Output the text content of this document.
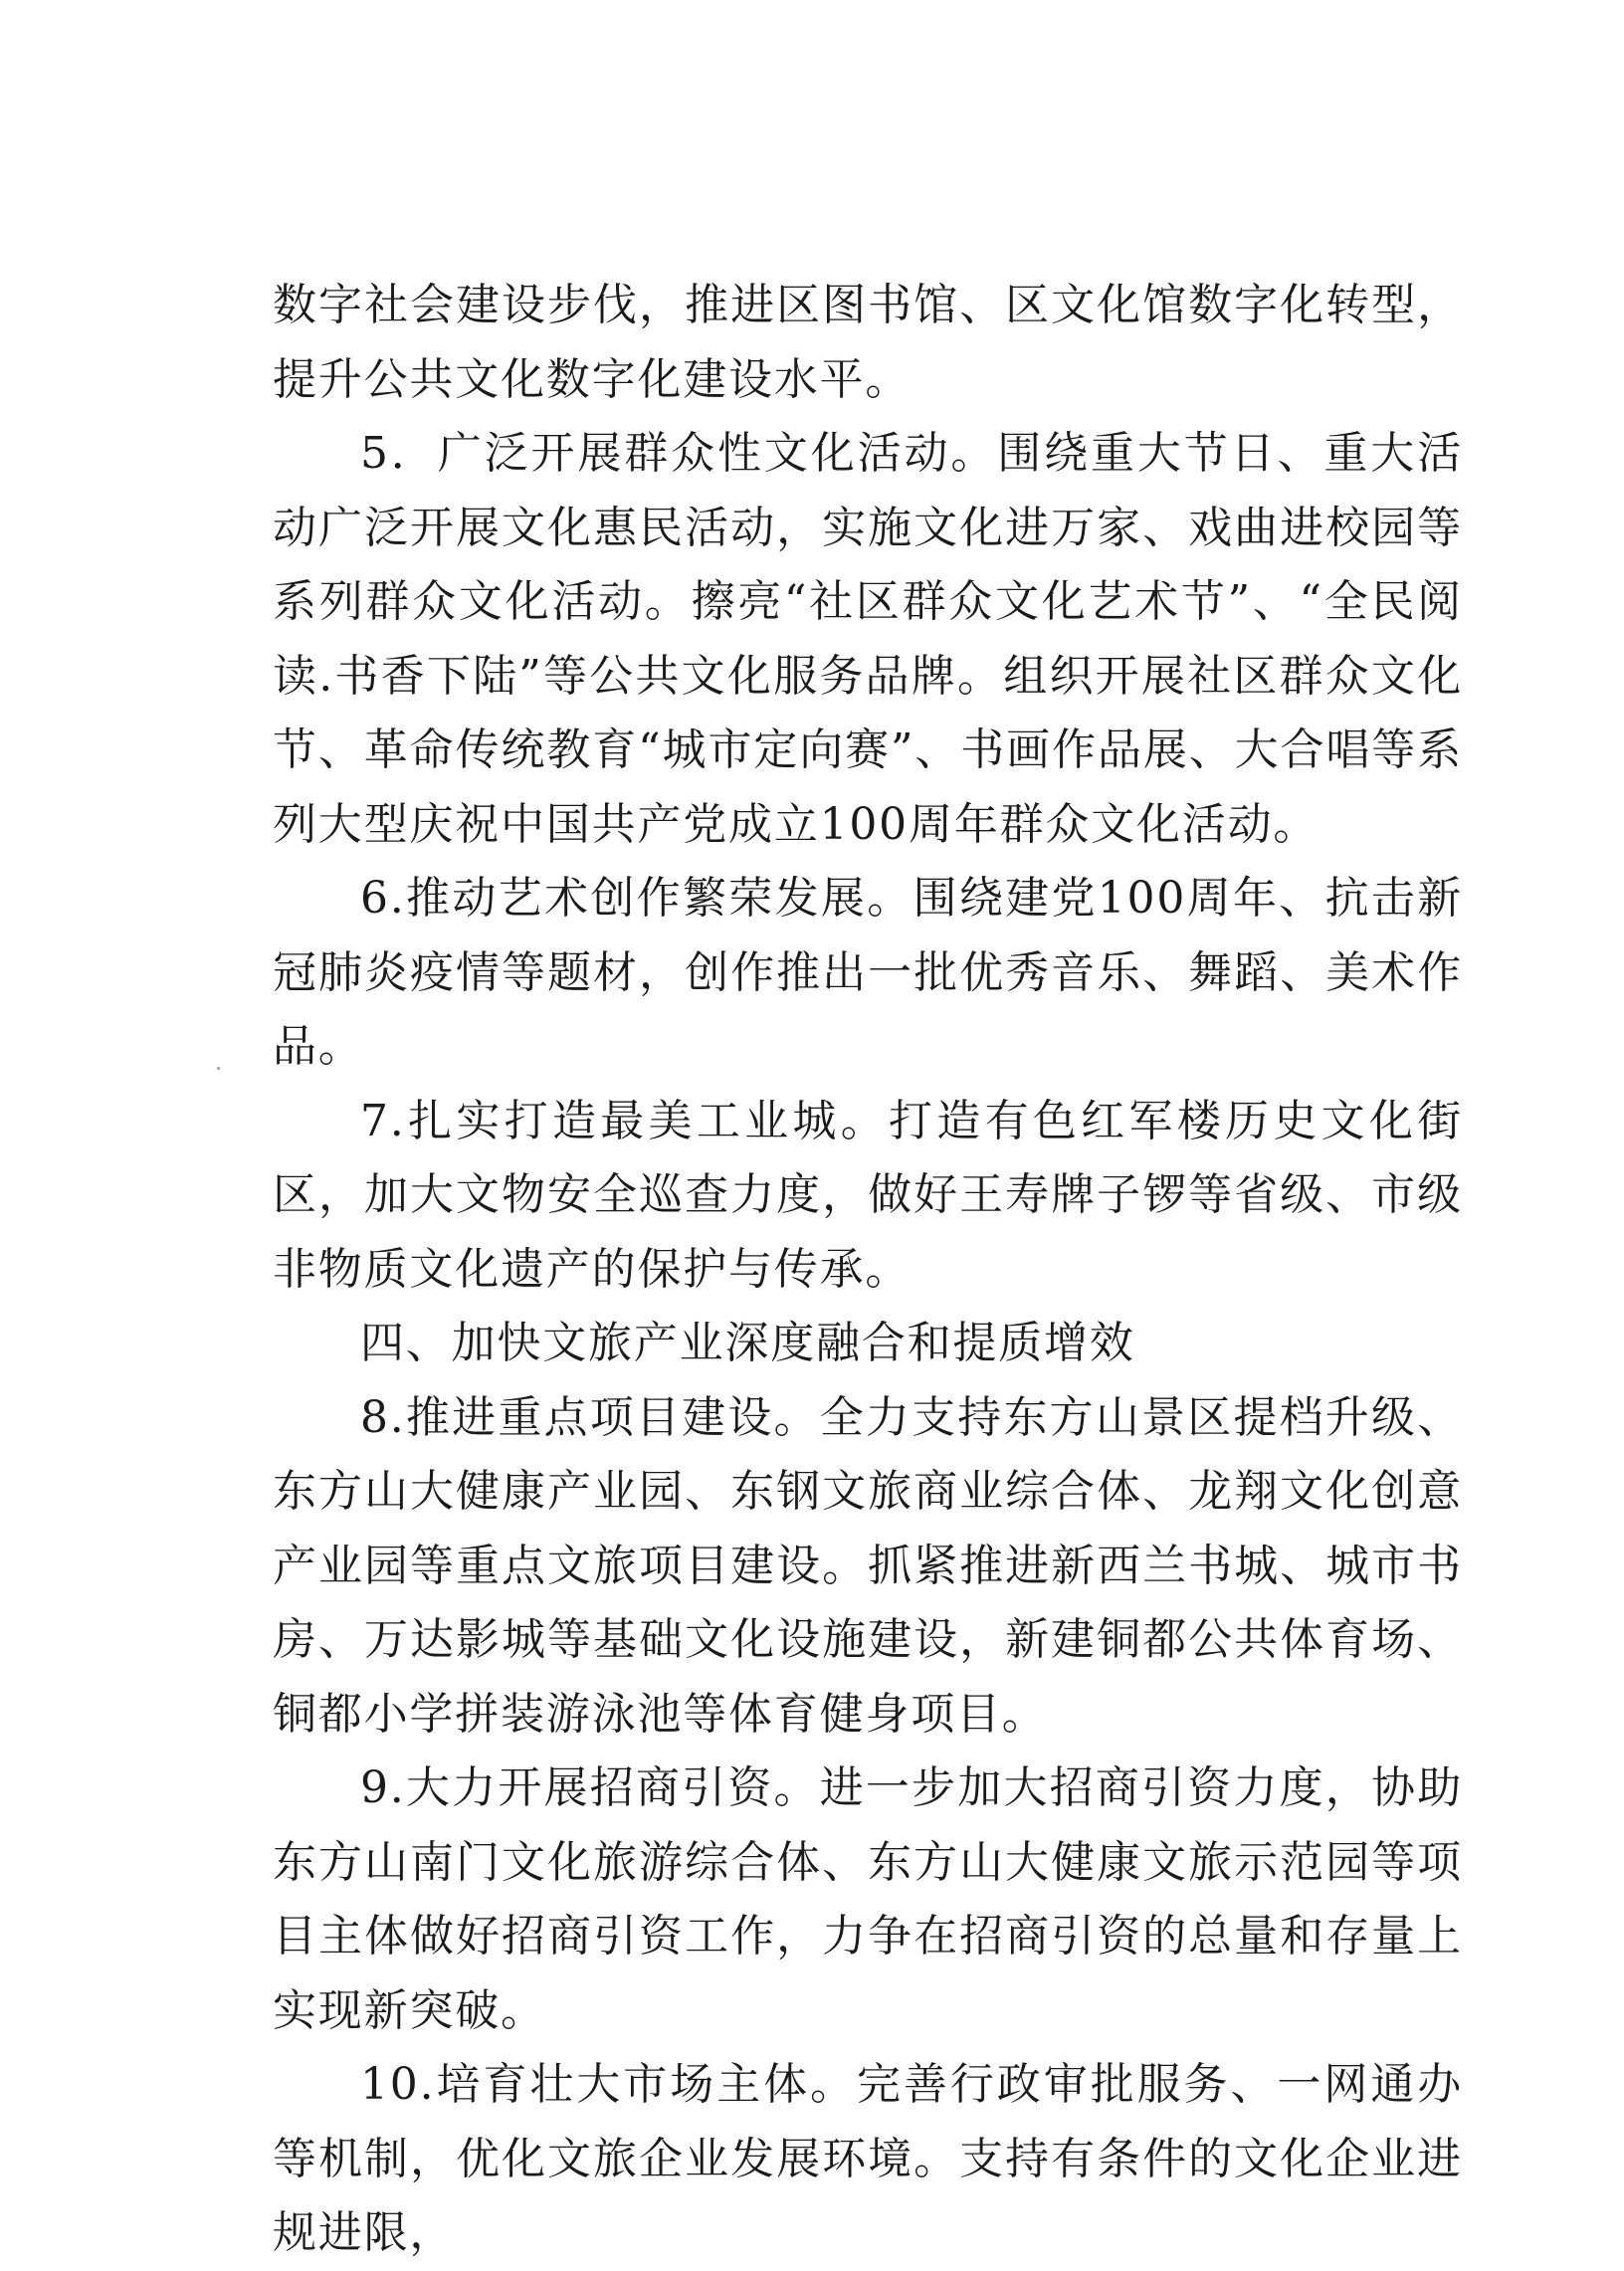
数字社会建设步伐，推进区图书馆、区文化馆数字化转型，提升公共文化数字化建设水平。

5．广泛开展群众性文化活动。围绕重大节日、重大活动广泛开展文化惠民活动，实施文化进万家、戏曲进校园等系列群众文化活动。擦亮“社区群众文化艺术节”、“全民阅读.书香下陆”等公共文化服务品牌。组织开展社区群众文化节、革命传统教育“城市定向赛”、书画作品展、大合唱等系列大型庆祝中国共产党成立100周年群众文化活动。

6.推动艺术创作繁荣发展。围绕建党100周年、抗击新冠肺炎疫情等题材，创作推出一批优秀音乐、舞蹈、美术作品。

7.扎实打造最美工业城。打造有色红军楼历史文化街区，加大文物安全巡查力度，做好王寿牌子锣等省级、市级非物质文化遗产的保护与传承。

四、加快文旅产业深度融合和提质增效

8.推进重点项目建设。全力支持东方山景区提档升级、东方山大健康产业园、东钢文旅商业综合体、龙翔文化创意产业园等重点文旅项目建设。抓紧推进新西兰书城、城市书房、万达影城等基础文化设施建设，新建铜都公共体育场、铜都小学拼装游泳池等体育健身项目。

9.大力开展招商引资。进一步加大招商引资力度，协助东方山南门文化旅游综合体、东方山大健康文旅示范园等项目主体做好招商引资工作，力争在招商引资的总量和存量上实现新突破。

10.培育壮大市场主体。完善行政审批服务、一网通办等机制，优化文旅企业发展环境。支持有条件的文化企业进规进限，
